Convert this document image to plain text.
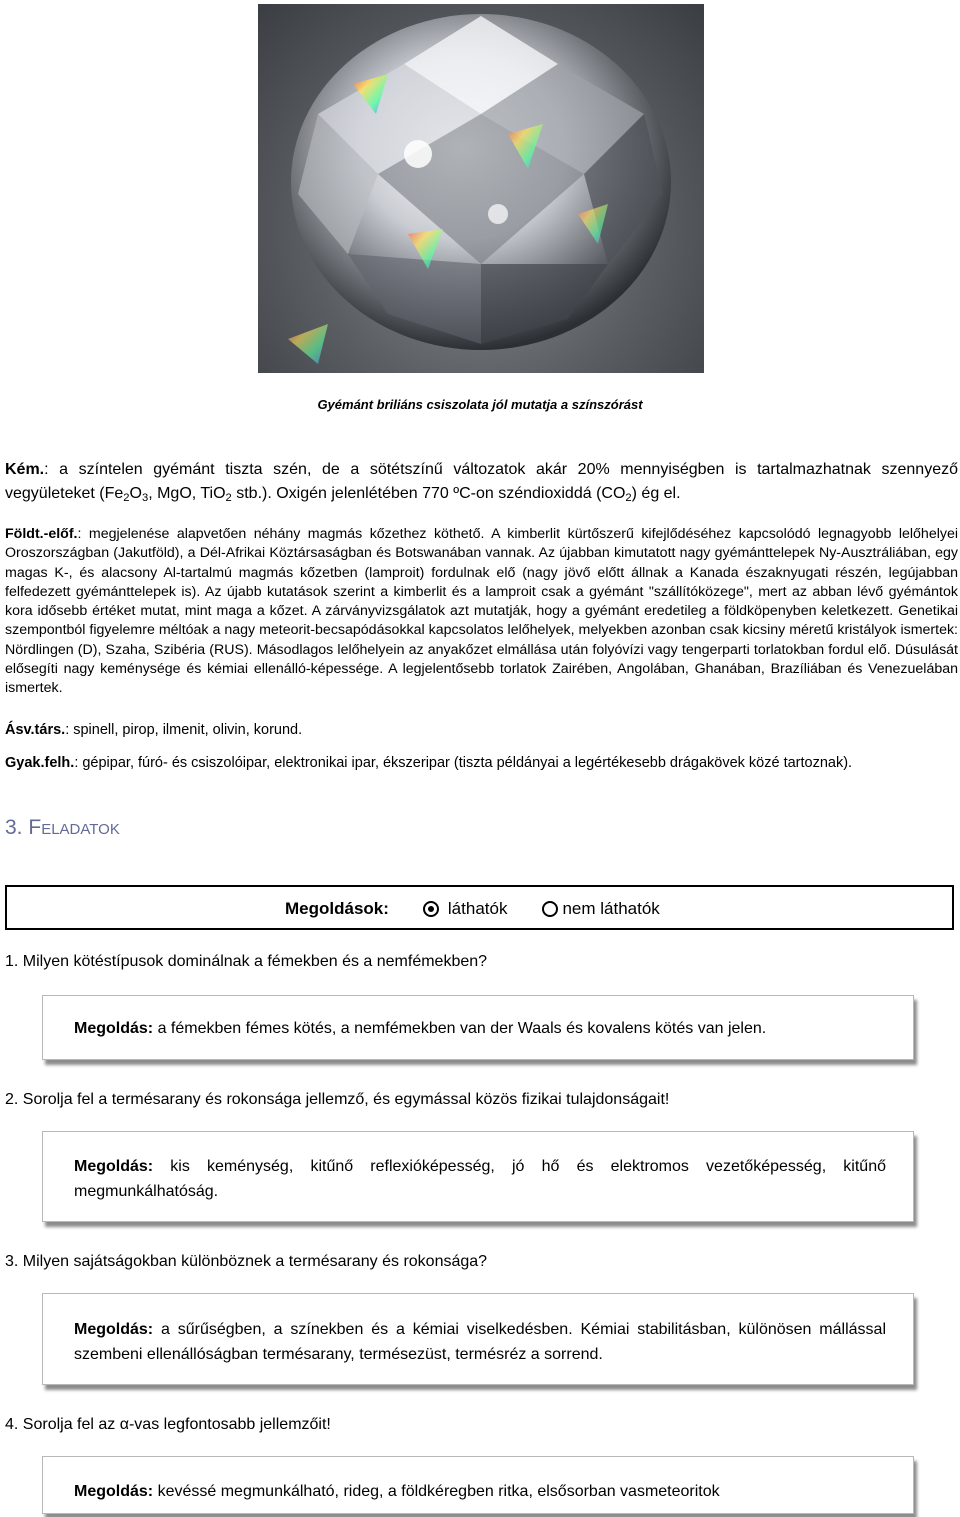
Gyémánt briliáns csiszolata jól mutatja a színszórást
Kém.: a színtelen gyémánt tiszta szén, de a sötétszínű változatok akár 20% mennyiségben is tartalmazhatnak szennyező vegyületeket ($Fe_2O_3$, MgO, TiO$_2$ stb.). Oxigén jelenlétében 770 ºC-on széndioxiddá $(CO_2)$ ég el.
Földt.-előf.: megjelenése alapvetően néhány magmás kőzethez köthető. A kimberlit kürtőszerű kifejlődéséhez kapcsolódó legnagyobb lelőhelyei Oroszországban (Jakutföld), a Dél-Afrikai Köztársaságban és Botswanában vannak. Az újabban kimutatott nagy gyémánttelepek Ny-Ausztráliában, egy magas K-, és alacsony Al-tartalmú magmás kőzetben (lamproit) fordulnak elő (nagy jövő előtt állnak a Kanada északnyugati részén, legújabban felfedezett gyémánttelepek is). Az újabb kutatások szerint a kimberlit és a lamproit csak a gyémánt "szállítóközege", mert az abban lévő gyémántok kora idősebb értéket mutat, mint maga a kőzet. A zárványvizsgálatok azt mutatják, hogy a gyémánt eredetileg a földköpenyben keletkezett. Genetikai szempontból figyelemre méltóak a nagy meteorit-becsapódásokkal kapcsolatos lelőhelyek, melyekben azonban csak kicsiny méretű kristályok ismertek: Nördlingen (D), Szaha, Szibéria (RUS). Másodlagos lelőhelyein az anyakőzet elmállása után folyóvízi vagy tengerparti torlatokban fordul elő. Dúsulását elősegíti nagy keménysége és kémiai ellenálló-képessége. A legjelentősebb torlatok Zairében, Angolában, Ghanában, Brazíliában és Venezuelában ismertek.
Ásv.társ.: spinell, pirop, ilmenit, olivin, korund.
Gyak.felh.: gépipar, fúró- és csiszolóipar, elektronikai ipar, ékszeripar (tiszta példányai a legértékesebb drágakövek közé tartoznak).
3. FELADATOK
Megoldások:	láthatók	nem láthatók
1. Milyen kötéstípusok dominálnak a fémekben és a nemfémekben?
Megoldás: a fémekben fémes kötés, a nemfémekben van der Waals és kovalens kötés van jelen.
2. Sorolja fel a termésarany és rokonsága jellemző, és egymással közös fizikai tulajdonságait!
Megoldás: kis keménység, kitűnő reflexióképesség, jó hő és elektromos vezetőképesség, kitűnő megmunkálhatóság.
3. Milyen sajátságokban különböznek a termésarany és rokonsága?
Megoldás: a sűrűségben, a színekben és a kémiai viselkedésben. Kémiai stabilitásban, különösen mállással szembeni ellenállóságban termésarany, termésezüst, termésréz a sorrend.
4. Sorolja fel az α-vas legfontosabb jellemzőit!
Megoldás: kevéssé megmunkálható, rideg, a földkéregben ritka, elsősorban vasmeteoritok
